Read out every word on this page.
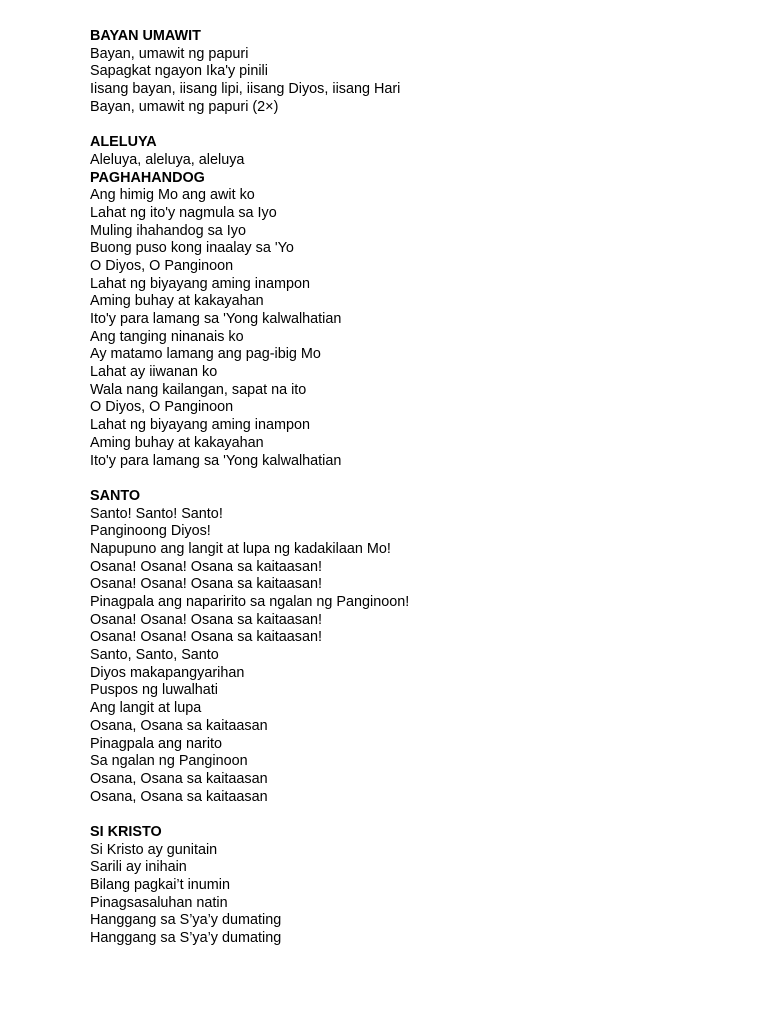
BAYAN UMAWIT
Bayan, umawit ng papuri
Sapagkat ngayon Ika'y pinili
Iisang bayan, iisang lipi, iisang Diyos, iisang Hari
Bayan, umawit ng papuri (2×)
ALELUYA
Aleluya, aleluya, aleluya
PAGHAHANDOG
Ang himig Mo ang awit ko
Lahat ng ito'y nagmula sa Iyo
Muling ihahandog sa Iyo
Buong puso kong inaalay sa 'Yo
O Diyos, O Panginoon
Lahat ng biyayang aming inampon
Aming buhay at kakayahan
Ito'y para lamang sa 'Yong kalwalhatian
Ang tanging ninanais ko
Ay matamo lamang ang pag-ibig Mo
Lahat ay iiwanan ko
Wala nang kailangan, sapat na ito
O Diyos, O Panginoon
Lahat ng biyayang aming inampon
Aming buhay at kakayahan
Ito'y para lamang sa 'Yong kalwalhatian
SANTO
Santo! Santo! Santo!
Panginoong Diyos!
Napupuno ang langit at lupa ng kadakilaan Mo!
Osana! Osana! Osana sa kaitaasan!
Osana! Osana! Osana sa kaitaasan!
Pinagpala ang naparirito sa ngalan ng Panginoon!
Osana! Osana! Osana sa kaitaasan!
Osana! Osana! Osana sa kaitaasan!
Santo, Santo, Santo
Diyos makapangyarihan
Puspos ng luwalhati
Ang langit at lupa
Osana, Osana sa kaitaasan
Pinagpala ang narito
Sa ngalan ng Panginoon
Osana, Osana sa kaitaasan
Osana, Osana sa kaitaasan
SI KRISTO
Si Kristo ay gunitain
Sarili ay inihain
Bilang pagkai’t inumin
Pinagsasaluhan natin
Hanggang sa S’ya’y dumating
Hanggang sa S’ya’y dumating
